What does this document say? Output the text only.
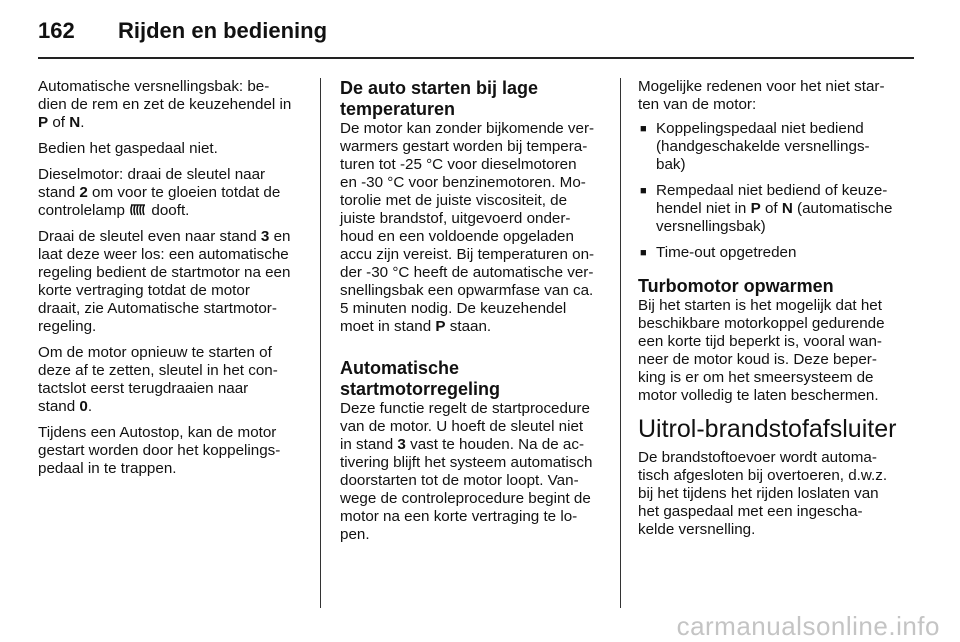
162 Rijden en bediening

Automatische versnellingsbak: be-
dien de rem en zet de keuzehendel in
P of N.

Bedien het gaspedaal niet.

Dieselmotor: draai de sleutel naar
stand 2 om voor te gloeien totdat de
controlelamp  dooft.

Draai de sleutel even naar stand 3 en
laat deze weer los: een automatische
regeling bedient de startmotor na een
korte vertraging totdat de motor
draait, zie Automatische startmotor-
regeling.

Om de motor opnieuw te starten of
deze af te zetten, sleutel in het con-
tactslot eerst terugdraaien naar
stand 0.

Tijdens een Autostop, kan de motor
gestart worden door het koppelings-
pedaal in te trappen.

De auto starten bij lage
temperaturen

De motor kan zonder bijkomende ver-
warmers gestart worden bij tempera-
turen tot -25 °C voor dieselmotoren
en -30 °C voor benzinemotoren. Mo-
torolie met de juiste viscositeit, de
juiste brandstof, uitgevoerd onder-
houd en een voldoende opgeladen
accu zijn vereist. Bij temperaturen on-
der -30 °C heeft de automatische ver-
snellingsbak een opwarmfase van ca.
5 minuten nodig. De keuzehendel
moet in stand P staan.

Automatische
startmotorregeling

Deze functie regelt de startprocedure
van de motor. U hoeft de sleutel niet
in stand 3 vast te houden. Na de ac-
tivering blijft het systeem automatisch
doorstarten tot de motor loopt. Van-
wege de controleprocedure begint de
motor na een korte vertraging te lo-
pen.

Mogelijke redenen voor het niet star-
ten van de motor:

■ Koppelingspedaal niet bediend
(handgeschakelde versnellings-
bak)
■ Rempedaal niet bediend of keuze-
hendel niet in P of N (automatische
versnellingsbak)
■ Time-out opgetreden
Turbomotor opwarmen

Bij het starten is het mogelijk dat het
beschikbare motorkoppel gedurende
een korte tijd beperkt is, vooral wan-
neer de motor koud is. Deze beper-
king is er om het smeersysteem de
motor volledig te laten beschermen.

Uitrol-brandstofafsluiter

De brandstoftoevoer wordt automa-
tisch afgesloten bij overtoeren, d.w.z.
bij het tijdens het rijden loslaten van
het gaspedaal met een ingescha-
kelde versnelling.

carmanualsonline.info
